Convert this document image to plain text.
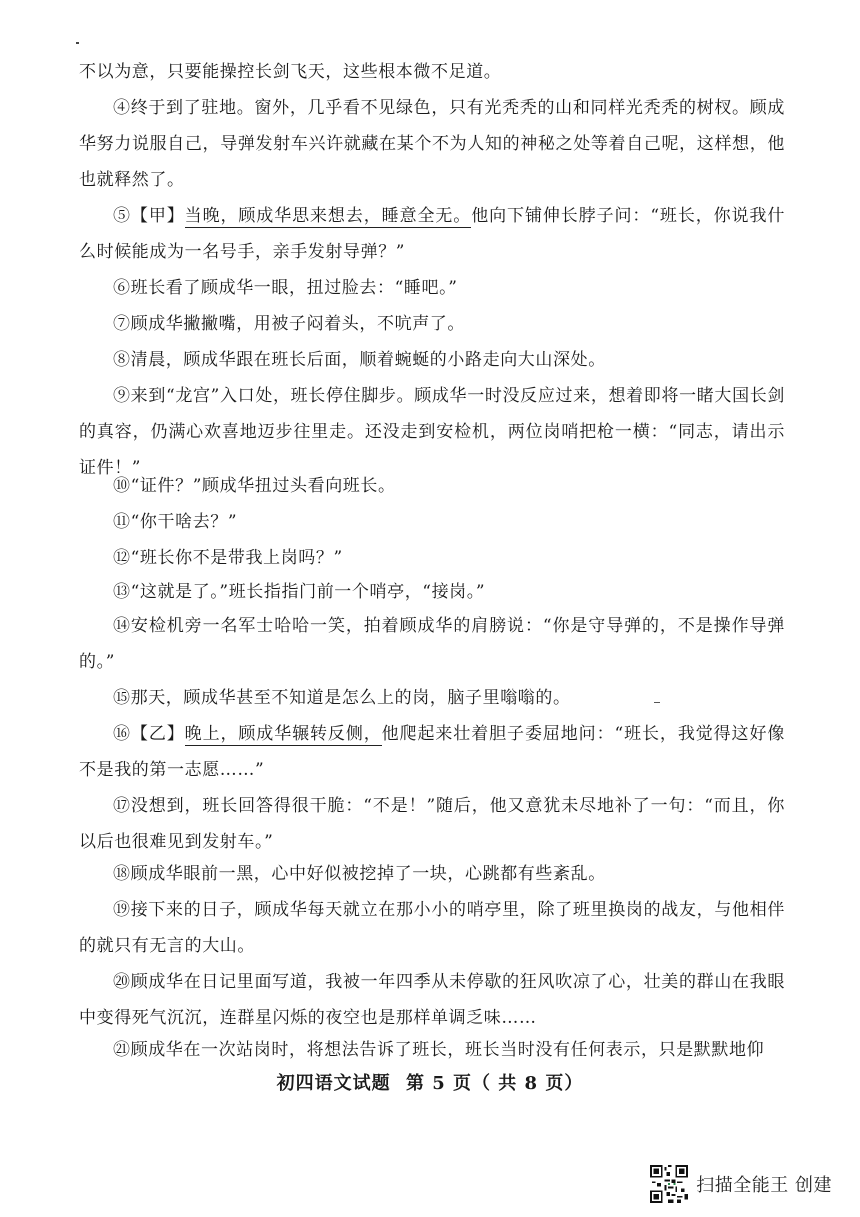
不以为意，只要能操控长剑飞天，这些根本微不足道。

④终于到了驻地。窗外，几乎看不见绿色，只有光秃秃的山和同样光秃秃的树杈。顾成华努力说服自己，导弹发射车兴许就藏在某个不为人知的神秘之处等着自己呢，这样想，他也就释然了。

⑤【甲】当晚，顾成华思来想去，睡意全无。他向下铺伸长脖子问：“班长，你说我什么时候能成为一名号手，亲手发射导弹？”

⑥班长看了顾成华一眼，扭过脸去：“睡吧。”

⑦顾成华撇撇嘴，用被子闷着头，不吭声了。

⑧清晨，顾成华跟在班长后面，顺着蜿蜒的小路走向大山深处。

⑨来到“龙宫”入口处，班长停住脚步。顾成华一时没反应过来，想着即将一睹大国长剑的真容，仍满心欢喜地迈步往里走。还没走到安检机，两位岗哨把枪一横：“同志，请出示证件！”

⑩“证件？”顾成华扭过头看向班长。

⑪“你干啥去？”

⑫“班长你不是带我上岗吗？”

⑬“这就是了。”班长指指门前一个哨亭，“接岗。”

⑭安检机旁一名军士哈哈一笑，拍着顾成华的肩膀说：“你是守导弹的，不是操作导弹的。”

⑮那天，顾成华甚至不知道是怎么上的岗，脑子里嗡嗡的。

⑯【乙】晚上，顾成华辗转反侧，他爬起来壮着胆子委屈地问：“班长，我觉得这好像不是我的第一志愿……”

⑰没想到，班长回答得很干脆：“不是！”随后，他又意犹未尽地补了一句：“而且，你以后也很难见到发射车。”

⑱顾成华眼前一黑，心中好似被挖掉了一块，心跳都有些紊乱。

⑲接下来的日子，顾成华每天就立在那小小的哨亭里，除了班里换岗的战友，与他相伴的就只有无言的大山。

⑳顾成华在日记里面写道，我被一年四季从未停歇的狂风吹凉了心，壮美的群山在我眼中变得死气沉沉，连群星闪烁的夜空也是那样单调乏味……

㉑顾成华在一次站岗时，将想法告诉了班长，班长当时没有任何表示，只是默默地仰

初四语文试题 第 5 页（ 共 8 页）
扫描全能王 创建
